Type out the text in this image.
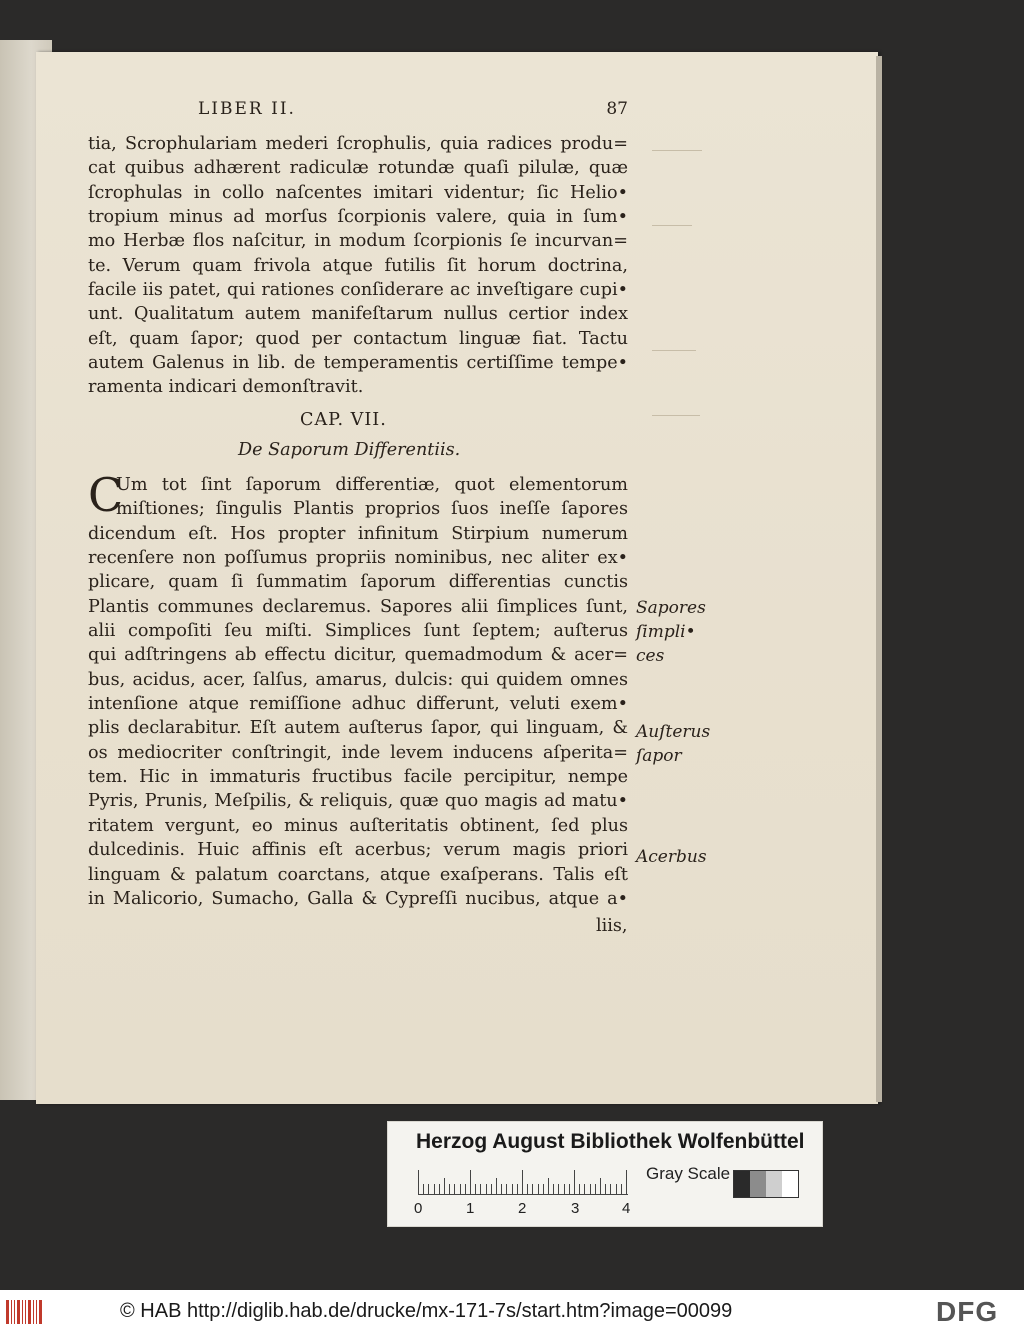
LIBER II.	87
tia, Scrophulariam mederi ſcrophulis, quia radices produ=
cat quibus adhærent radiculæ rotundæ quaſi pilulæ, quæ
ſcrophulas in collo naſcentes imitari videntur; ſic Helio•
tropium minus ad morſus ſcorpionis valere, quia in ſum•
mo Herbæ flos naſcitur, in modum ſcorpionis ſe incurvan=
te. Verum quam frivola atque futilis ſit horum doctrina,
facile iis patet, qui rationes conſiderare ac inveſtigare cupi•
unt. Qualitatum autem manifeſtarum nullus certior index
eſt, quam ſapor; quod per contactum linguæ fiat. Tactu
autem Galenus in lib. de temperamentis certiſſime tempe•
ramenta indicari demonſtravit.
CAP. VII.
De Saporum Differentiis.
C
Um tot ſint ſaporum differentiæ, quot elementorum
miſtiones; ſingulis Plantis proprios ſuos ineſſe ſapores
dicendum eſt. Hos propter infinitum Stirpium numerum
recenſere non poſſumus propriis nominibus, nec aliter ex•
plicare, quam ſi ſummatim ſaporum differentias cunctis
Plantis communes declaremus. Sapores alii ſimplices ſunt,
alii compoſiti ſeu miſti. Simplices ſunt ſeptem; auſterus
qui adſtringens ab effectu dicitur, quemadmodum & acer=
bus, acidus, acer, ſalſus, amarus, dulcis: qui quidem omnes
intenſione atque remiſſione adhuc differunt, veluti exem•
plis declarabitur. Eſt autem auſterus ſapor, qui linguam, &
os mediocriter conſtringit, inde levem inducens aſperita=
tem. Hic in immaturis fructibus facile percipitur, nempe
Pyris, Prunis, Meſpilis, & reliquis, quæ quo magis ad matu•
ritatem vergunt, eo minus auſteritatis obtinent, ſed plus
dulcedinis. Huic affinis eſt acerbus; verum magis priori
linguam & palatum coarctans, atque exaſperans. Talis eſt
in Malicorio, Sumacho, Galla & Cypreſſi nucibus, atque a•
liis,
Sapores
ſimpli•
ces
Auſterus
ſapor
Acerbus
Herzog August Bibliothek Wolfenbüttel
0	1	2	3	4
Gray Scale
© HAB http://diglib.hab.de/drucke/mx-171-7s/start.htm?image=00099	DFG
